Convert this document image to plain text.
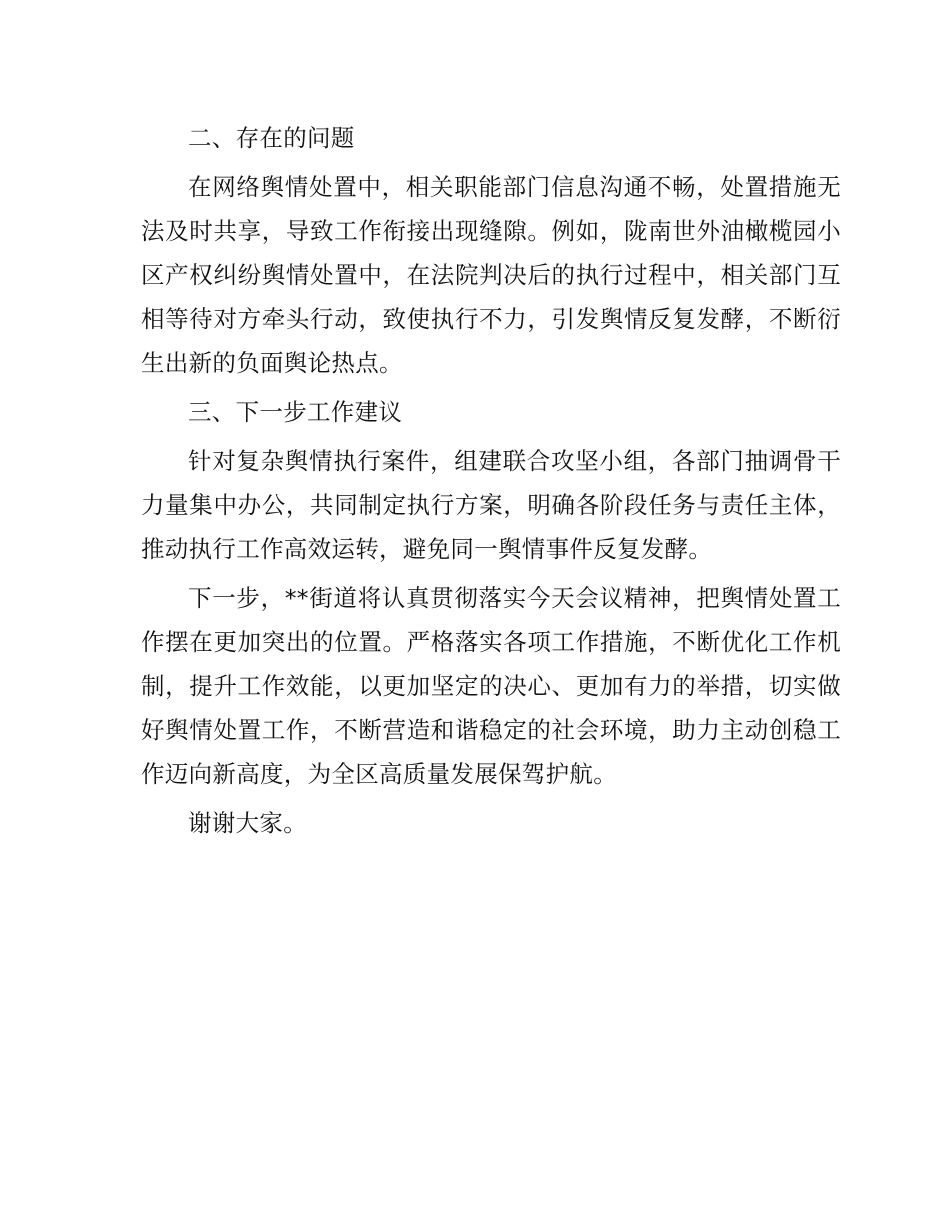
二、存在的问题

在网络舆情处置中，相关职能部门信息沟通不畅，处置措施无法及时共享，导致工作衔接出现缝隙。例如，陇南世外油橄榄园小区产权纠纷舆情处置中，在法院判决后的执行过程中，相关部门互相等待对方牵头行动，致使执行不力，引发舆情反复发酵，不断衍生出新的负面舆论热点。

三、下一步工作建议

针对复杂舆情执行案件，组建联合攻坚小组，各部门抽调骨干力量集中办公，共同制定执行方案，明确各阶段任务与责任主体，推动执行工作高效运转，避免同一舆情事件反复发酵。

下一步，**街道将认真贯彻落实今天会议精神，把舆情处置工作摆在更加突出的位置。严格落实各项工作措施，不断优化工作机制，提升工作效能，以更加坚定的决心、更加有力的举措，切实做好舆情处置工作，不断营造和谐稳定的社会环境，助力主动创稳工作迈向新高度，为全区高质量发展保驾护航。

谢谢大家。
